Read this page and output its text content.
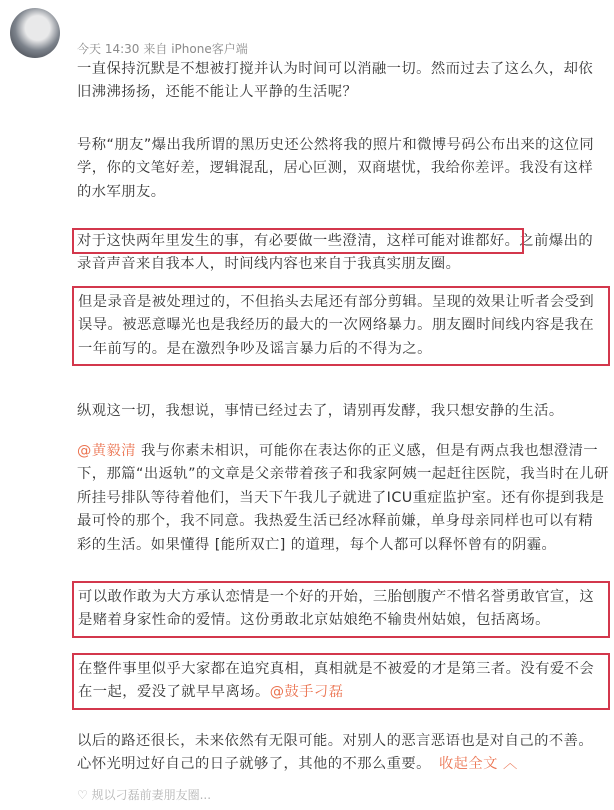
今天 14:30 来自 iPhone客户端

一直保持沉默是不想被打搅并认为时间可以消融一切。然而过去了这么久，却依
旧沸沸扬扬，还能不能让人平静的生活呢？

号称“朋友”爆出我所谓的黑历史还公然将我的照片和微博号码公布出来的这位同
学，你的文笔好差，逻辑混乱，居心叵测，双商堪忧，我给你差评。我没有这样
的水军朋友。

对于这快两年里发生的事，有必要做一些澄清，这样可能对谁都好。之前爆出的
录音声音来自我本人，时间线内容也来自于我真实朋友圈。

但是录音是被处理过的，不但掐头去尾还有部分剪辑。呈现的效果让听者会受到
误导。被恶意曝光也是我经历的最大的一次网络暴力。朋友圈时间线内容是我在
一年前写的。是在激烈争吵及谣言暴力后的不得为之。

纵观这一切，我想说，事情已经过去了，请别再发酵，我只想安静的生活。

@黄毅清 我与你素未相识，可能你在表达你的正义感，但是有两点我也想澄清一
下，那篇“出返轨”的文章是父亲带着孩子和我家阿姨一起赶往医院，我当时在儿研
所挂号排队等待着他们，当天下午我儿子就进了ICU重症监护室。还有你提到我是
最可怜的那个，我不同意。我热爱生活已经冰释前嫌，单身母亲同样也可以有精
彩的生活。如果懂得 [能所双亡] 的道理，每个人都可以释怀曾有的阴霾。

可以敢作敢为大方承认恋情是一个好的开始，三胎刨腹产不惜名誉勇敢官宣，这
是赌着身家性命的爱情。这份勇敢北京姑娘绝不输贵州姑娘，包括离场。

在整件事里似乎大家都在追究真相，真相就是不被爱的才是第三者。没有爱不会
在一起，爱没了就早早离场。@鼓手刁磊

以后的路还很长，未来依然有无限可能。对别人的恶言恶语也是对自己的不善。
心怀光明过好自己的日子就够了，其他的不那么重要。 收起全文 ︿

♡ 规以刁磊前妻朋友圈...
